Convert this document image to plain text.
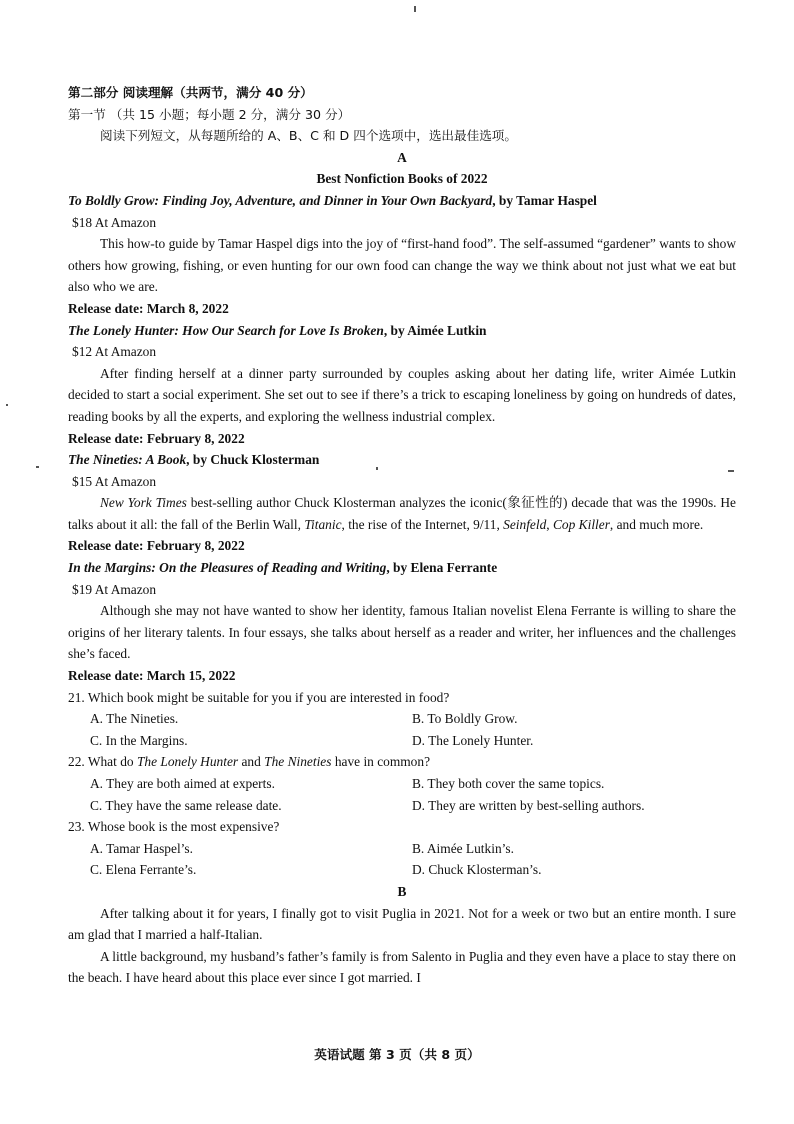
第二部分 阅读理解（共两节，满分 40 分）
第一节 （共 15 小题；每小题 2 分，满分 30 分）
阅读下列短文，从每题所给的 A、B、C 和 D 四个选项中，选出最佳选项。
A
Best Nonfiction Books of 2022
To Boldly Grow: Finding Joy, Adventure, and Dinner in Your Own Backyard, by Tamar Haspel
$18 At Amazon

This how-to guide by Tamar Haspel digs into the joy of “first-hand food”. The self-assumed “gardener” wants to show others how growing, fishing, or even hunting for our own food can change the way we think about not just what we eat but also who we are.

Release date: March 8, 2022
The Lonely Hunter: How Our Search for Love Is Broken, by Aimée Lutkin
$12 At Amazon

After finding herself at a dinner party surrounded by couples asking about her dating life, writer Aimée Lutkin decided to start a social experiment. She set out to see if there’s a trick to escaping loneliness by going on hundreds of dates, reading books by all the experts, and exploring the wellness industrial complex.

Release date: February 8, 2022
The Nineties: A Book, by Chuck Klosterman
$15 At Amazon

New York Times best-selling author Chuck Klosterman analyzes the iconic(象征性的) decade that was the 1990s. He talks about it all: the fall of the Berlin Wall, Titanic, the rise of the Internet, 9/11, Seinfeld, Cop Killer, and much more.

Release date: February 8, 2022
In the Margins: On the Pleasures of Reading and Writing, by Elena Ferrante
$19 At Amazon

Although she may not have wanted to show her identity, famous Italian novelist Elena Ferrante is willing to share the origins of her literary talents. In four essays, she talks about herself as a reader and writer, her influences and the challenges she’s faced.

Release date: March 15, 2022
21. Which book might be suitable for you if you are interested in food?
A. The Nineties.	B. To Boldly Grow.
C. In the Margins.	D. The Lonely Hunter.
22. What do The Lonely Hunter and The Nineties have in common?
A. They are both aimed at experts.	B. They both cover the same topics.
C. They have the same release date.	D. They are written by best-selling authors.
23. Whose book is the most expensive?
A. Tamar Haspel’s.	B. Aimée Lutkin’s.
C. Elena Ferrante’s.	D. Chuck Klosterman’s.
B

After talking about it for years, I finally got to visit Puglia in 2021. Not for a week or two but an entire month. I sure am glad that I married a half-Italian.

A little background, my husband’s father’s family is from Salento in Puglia and they even have a place to stay there on the beach. I have heard about this place ever since I got married. I

英语试题 第 3 页（共 8 页）
